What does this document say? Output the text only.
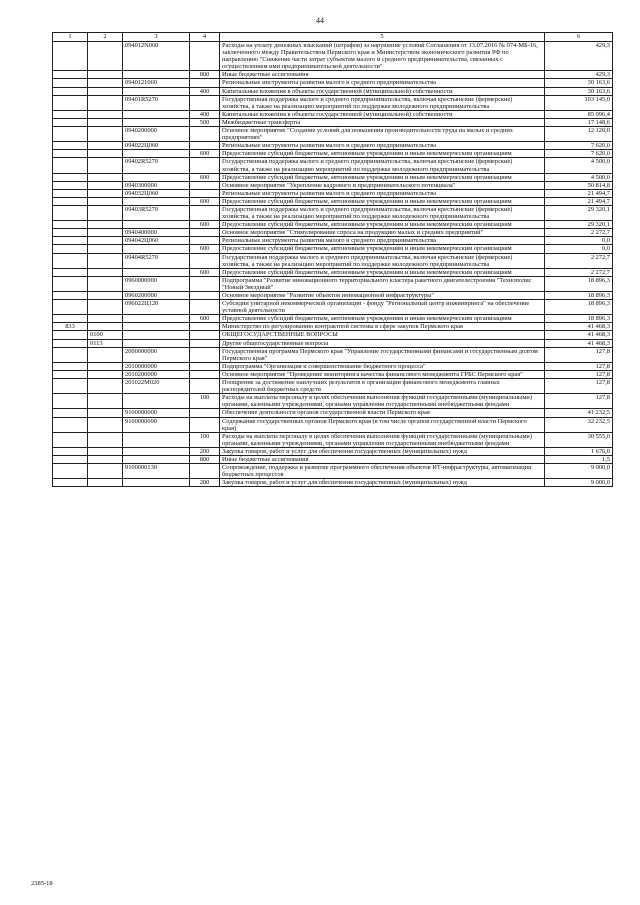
44
1	2	3	4	5	6
		094012N060		Расходы на уплату денежных взысканий (штрафов) за нарушение условий Соглашения от 13.07.2016 № 074-МБ-16, заключенного между Правительством Пермского края и Министерством экономического развития РФ по направлению "Снижение части затрат субъектам малого и среднего предпринимательства, связанных с осуществлением ими предпринимательской деятельности"	429,3
			800	Иные бюджетные ассигнования	429,3
		0940121060		Региональные инструменты развития малого и среднего предпринимательства	30 163,6
			400	Капитальные вложения в объекты государственной (муниципальной) собственности	30 163,6
		09401R5270		Государственная поддержка малого и среднего предпринимательства, включая крестьянские (фермерские) хозяйства, а также на реализацию мероприятий по поддержке молодежного предпринимательства	103 145,0
			400	Капитальные вложения в объекты государственной (муниципальной) собственности	85 996,4
			500	Межбюджетные трансферты	17 148,6
		0940200000		Основное мероприятие "Создание условий для повышения производительности труда на малых и средних предприятиях"	12 120,0
		094022Ц060		Региональные инструменты развития малого и среднего предпринимательства	7 620,0
			600	Предоставление субсидий бюджетным, автономным учреждениям и иным некоммерческим организациям	7 620,0
		09402R5270		Государственная поддержка малого и среднего предпринимательства, включая крестьянские (фермерские) хозяйства, а также на реализацию мероприятий по поддержке молодежного предпринимательства	4 500,0
			600	Предоставление субсидий бюджетным, автономным учреждениям и иным некоммерческим организациям	4 500,0
		0940300000		Основное мероприятие "Укрепление кадрового и предпринимательского потенциала"	50 814,8
		094032Ц060		Региональные инструменты развития малого и среднего предпринимательства	21 494,7
			600	Предоставление субсидий бюджетным, автономным учреждениям и иным некоммерческим организациям	21 494,7
		09403R5270		Государственная поддержка малого и среднего предпринимательства, включая крестьянские (фермерские) хозяйства, а также на реализацию мероприятий по поддержке молодежного предпринимательства	29 320,1
			600	Предоставление субсидий бюджетным, автономным учреждениям и иным некоммерческим организациям	29 320,1
		0940400000		Основное мероприятие "Стимулирование спроса на продукцию малых и средних предприятий"	2 272,7
		094042Ц060		Региональные инструменты развития малого и среднего предпринимательства	0,0
			600	Предоставление субсидий бюджетным, автономным учреждениям и иным некоммерческим организациям	0,0
		09404R5270		Государственная поддержка малого и среднего предпринимательства, включая крестьянские (фермерские) хозяйства, а также на реализацию мероприятий по поддержке молодежного предпринимательства	2 272,7
			600	Предоставление субсидий бюджетным, автономным учреждениям и иным некоммерческим организациям	2 272,7
		0960000000		Подпрограмма "Развитие инновационного территориального кластера ракетного двигателестроения "Технополис "Новый Звездный"	18 896,3
		0960200000		Основное мероприятие "Развитие объектов инновационной инфраструктуры"	18 896,3
		096022Ц120		Субсидии унитарной некоммерческой организации - фонду "Региональный центр инжиниринга" на обеспечение уставной деятельности	18 896,3
			600	Предоставление субсидий бюджетным, автономным учреждениям и иным некоммерческим организациям	18 896,3
833				Министерство по регулированию контрактной системы в сфере закупок Пермского края	41 468,3
	0100			ОБЩЕГОСУДАРСТВЕННЫЕ ВОПРОСЫ	41 468,3
	0113			Другие общегосударственные вопросы	41 468,3
		2000000000		Государственная программа Пермского края "Управление государственными финансами и государственным долгом Пермского края"	127,8
		2010000000		Подпрограмма "Организация и совершенствование бюджетного процесса"	127,8
		2010200000		Основное мероприятие "Проведение мониторинга качества финансового менеджмента ГРБС Пермского края"	127,8
		201022М020		Поощрение за достижение наилучших результатов в организации финансового менеджмента главных распорядителей бюджетных средств	127,8
			100	Расходы на выплаты персоналу в целях обеспечения выполнения функций государственными (муниципальными) органами, казенными учреждениями, органами управления государственными внебюджетными фондами	127,8
		9100000000		Обеспечение деятельности органов государственной власти Пермского края	41 232,5
		9100000090		Содержание государственных органов Пермского края (в том числе органов государственной власти Пермского края)	32 232,5
			100	Расходы на выплаты персоналу в целях обеспечения выполнения функций государственными (муниципальными) органами, казенными учреждениями, органами управления государственными внебюджетными фондами	30 555,0
			200	Закупка товаров, работ и услуг для обеспечения государственных (муниципальных) нужд	1 676,0
			800	Иные бюджетные ассигнования	1,5
		9100000130		Сопровождение, поддержка и развитие программного обеспечения объектов ИТ-инфраструктуры, автоматизации бюджетных процессов	9 000,0
			200	Закупка товаров, работ и услуг для обеспечения государственных (муниципальных) нужд	9 000,0
2385-18
